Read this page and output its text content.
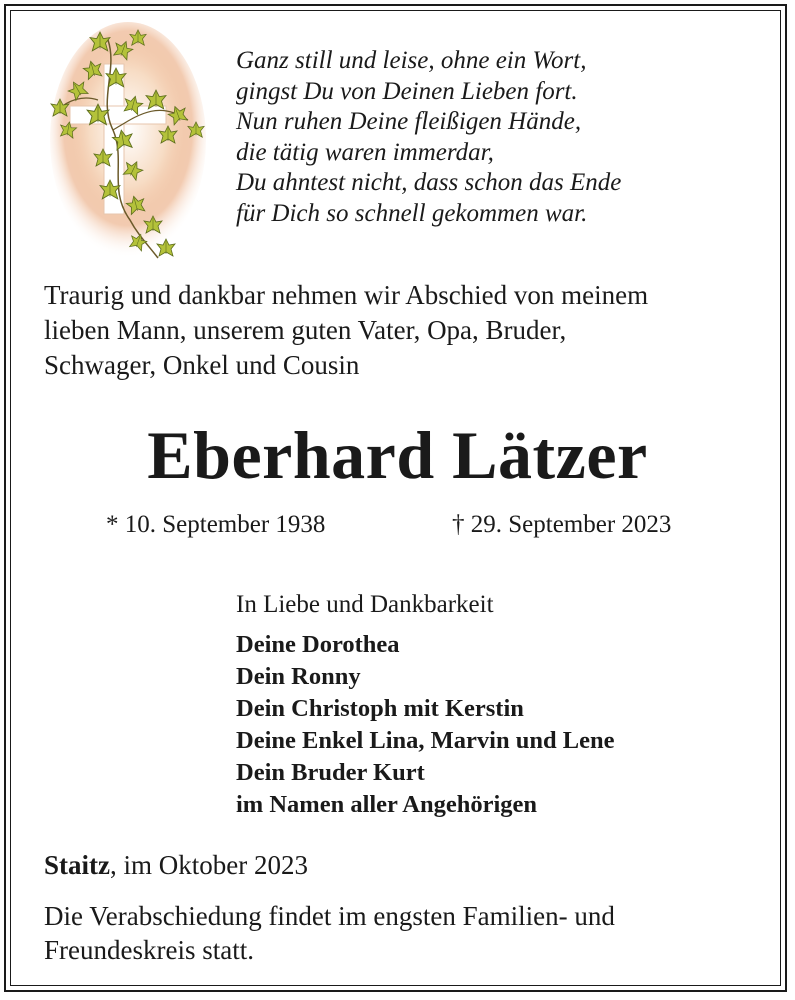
Ganz still und leise, ohne ein Wort,
gingst Du von Deinen Lieben fort.
Nun ruhen Deine fleißigen Hände,
die tätig waren immerdar,
Du ahntest nicht, dass schon das Ende
für Dich so schnell gekommen war.

Traurig und dankbar nehmen wir Abschied von meinem
lieben Mann, unserem guten Vater, Opa, Bruder,
Schwager, Onkel und Cousin

Eberhard Lätzer
* 10. September 1938	† 29. September 2023
In Liebe und Dankbarkeit
Deine Dorothea
Dein Ronny
Dein Christoph mit Kerstin
Deine Enkel Lina, Marvin und Lene
Dein Bruder Kurt
im Namen aller Angehörigen
Staitz, im Oktober 2023

Die Verabschiedung findet im engsten Familien- und
Freundeskreis statt.
